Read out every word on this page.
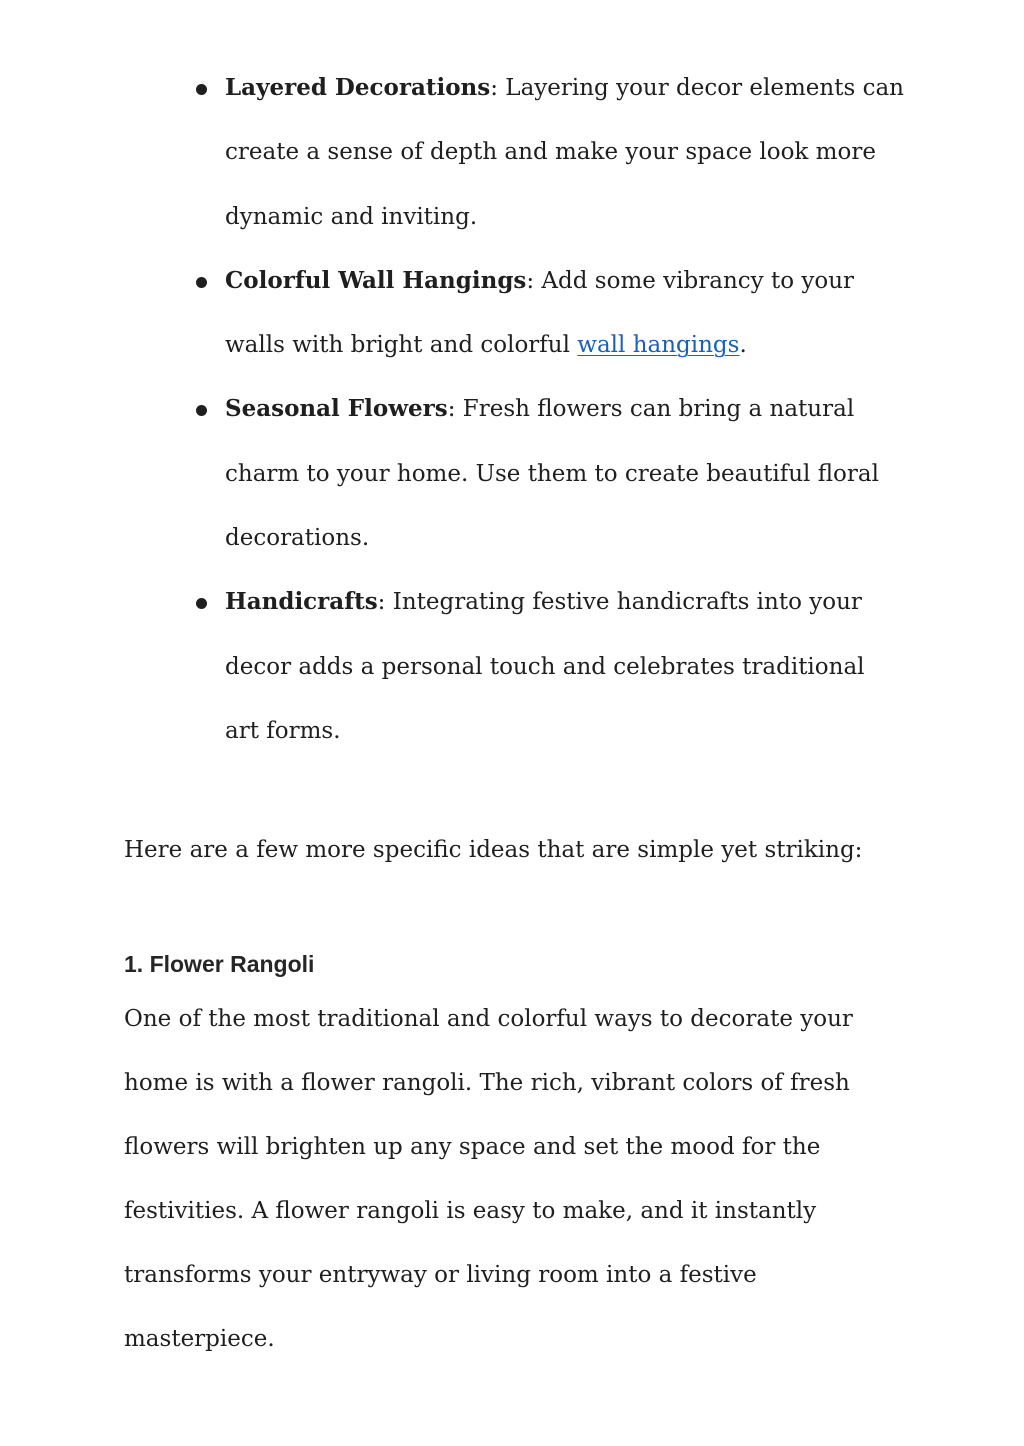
Layered Decorations: Layering your decor elements can create a sense of depth and make your space look more dynamic and inviting.
Colorful Wall Hangings: Add some vibrancy to your walls with bright and colorful wall hangings.
Seasonal Flowers: Fresh flowers can bring a natural charm to your home. Use them to create beautiful floral decorations.
Handicrafts: Integrating festive handicrafts into your decor adds a personal touch and celebrates traditional art forms.

Here are a few more specific ideas that are simple yet striking:

1. Flower Rangoli

One of the most traditional and colorful ways to decorate your home is with a flower rangoli. The rich, vibrant colors of fresh flowers will brighten up any space and set the mood for the festivities. A flower rangoli is easy to make, and it instantly transforms your entryway or living room into a festive masterpiece.
